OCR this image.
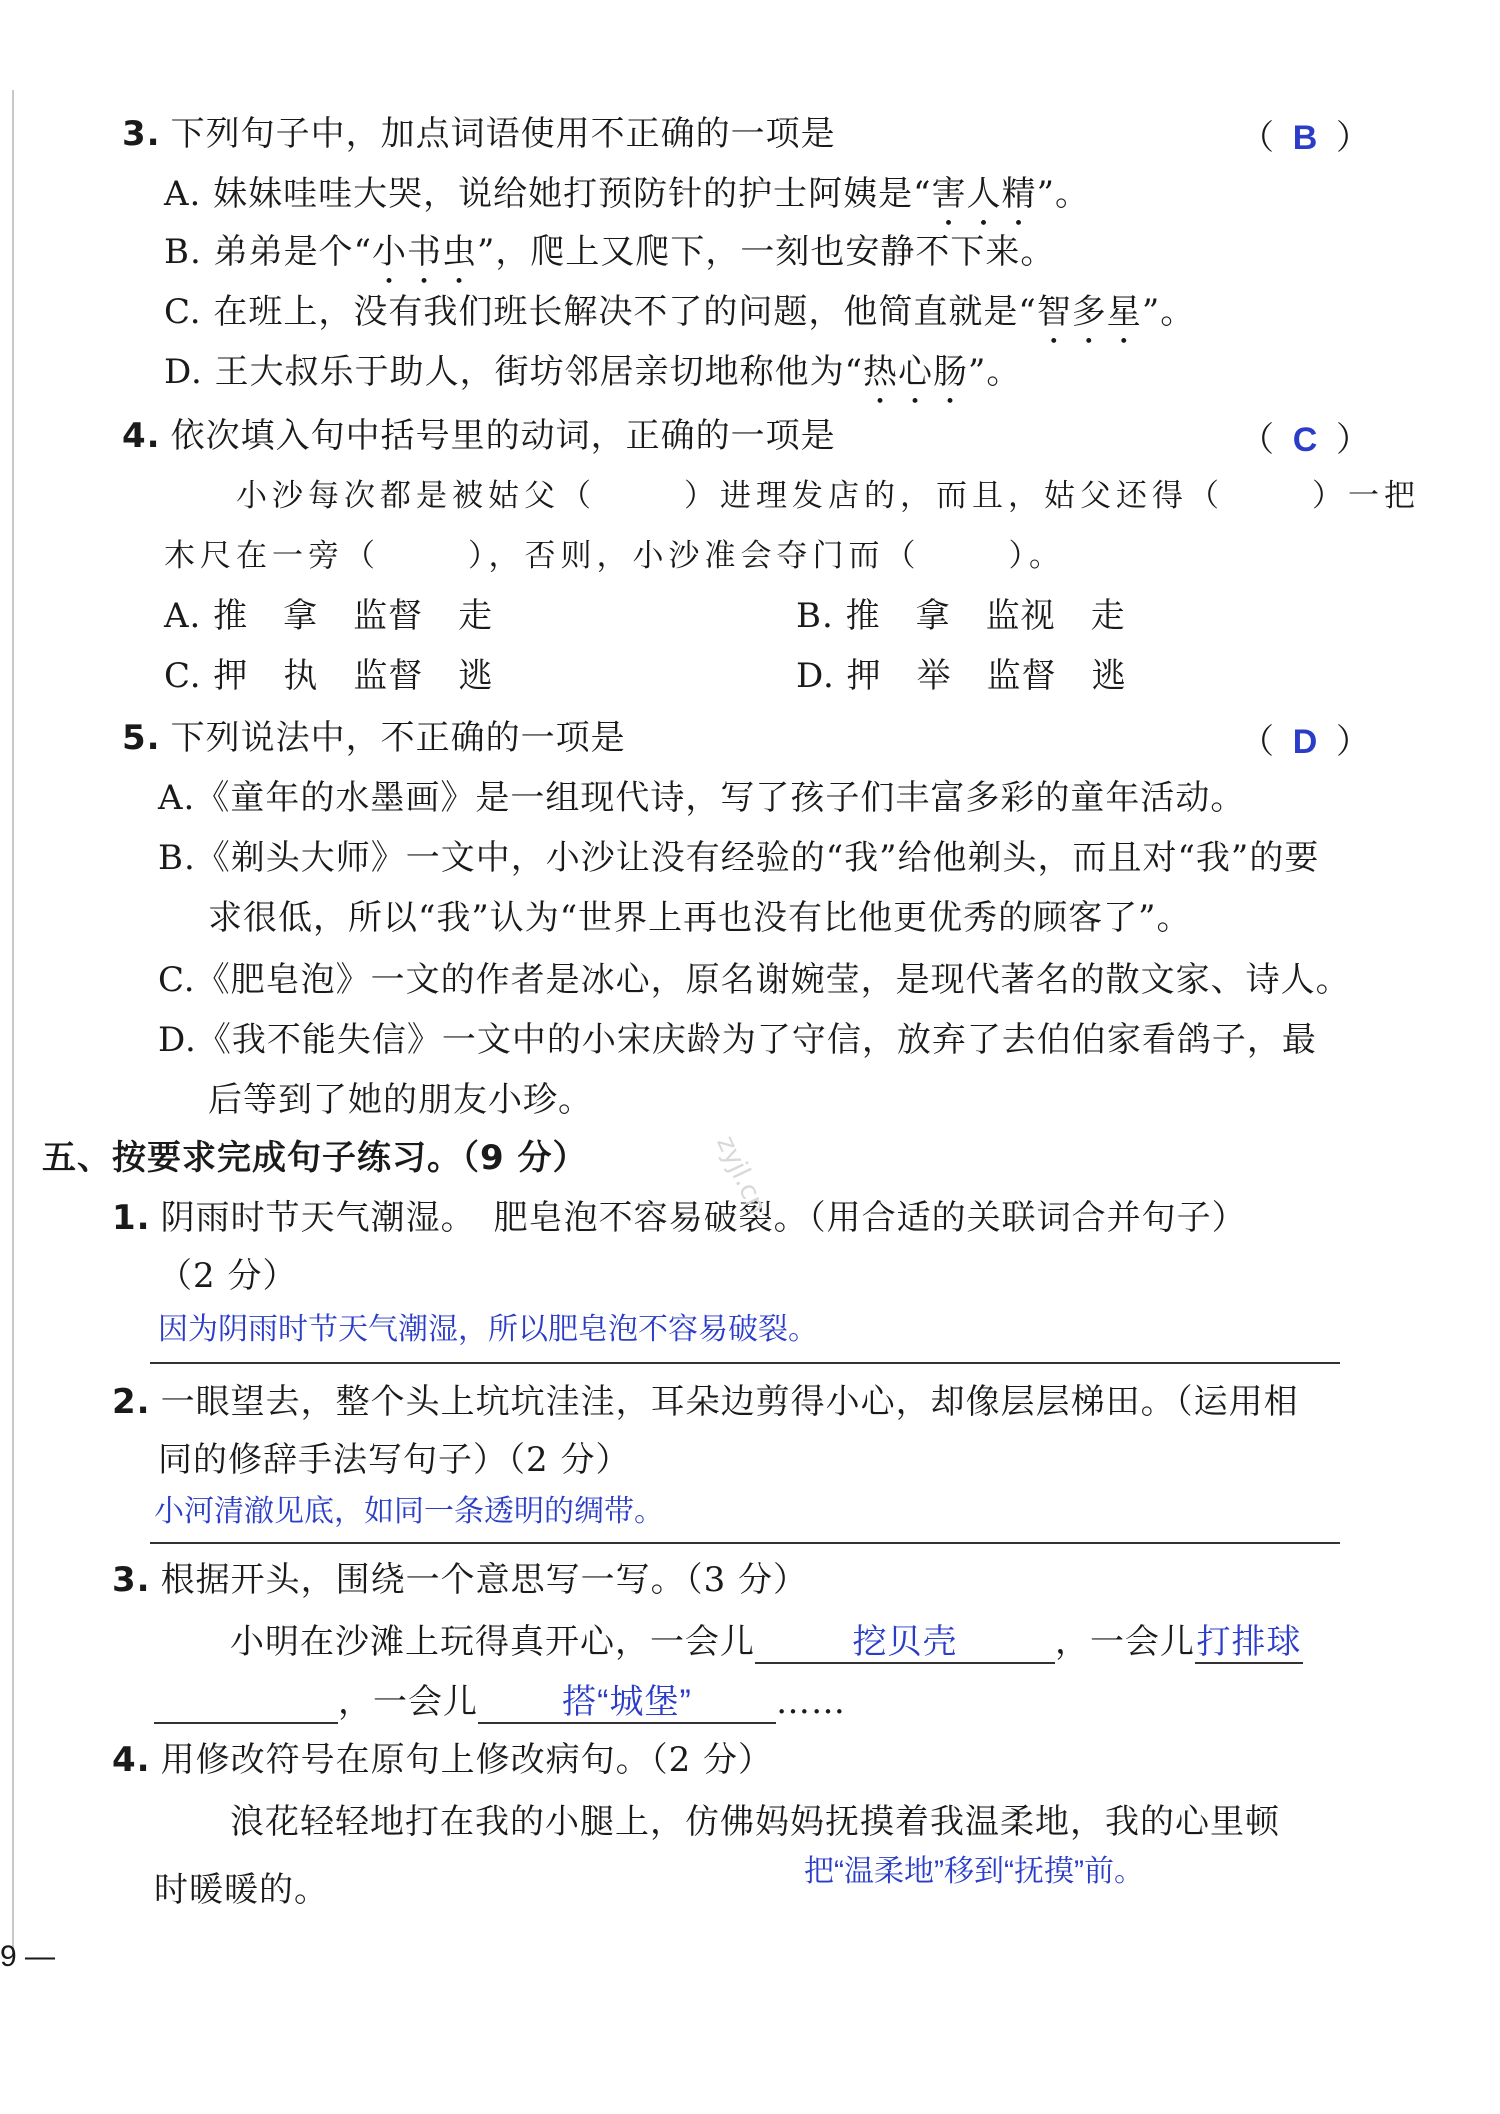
3. 下列句子中，加点词语使用不正确的一项是	（ B ）
A. 妹妹哇哇大哭，说给她打预防针的护士阿姨是“害人精”。
B. 弟弟是个“小书虫”，爬上又爬下，一刻也安静不下来。
C. 在班上，没有我们班长解决不了的问题，他简直就是“智多星”。
D. 王大叔乐于助人，街坊邻居亲切地称他为“热心肠”。
4. 依次填入句中括号里的动词，正确的一项是	（ C ）
小沙每次都是被姑父（	）进理发店的，而且，姑父还得（	）一把
木尺在一旁（	），否则，小沙准会夺门而（	）。
A. 推　拿　监督　走	B. 推　拿　监视　走
C. 押　执　监督　逃	D. 押　举　监督　逃
5. 下列说法中，不正确的一项是	（ D ）
A.《童年的水墨画》是一组现代诗，写了孩子们丰富多彩的童年活动。
B.《剃头大师》一文中，小沙让没有经验的“我”给他剃头，而且对“我”的要
求很低，所以“我”认为“世界上再也没有比他更优秀的顾客了”。
C.《肥皂泡》一文的作者是冰心，原名谢婉莹，是现代著名的散文家、诗人。
D.《我不能失信》一文中的小宋庆龄为了守信，放弃了去伯伯家看鸽子，最
后等到了她的朋友小珍。
五、按要求完成句子练习。（9 分）
1. 阴雨时节天气潮湿。　肥皂泡不容易破裂。（用合适的关联词合并句子）
（2 分）
因为阴雨时节天气潮湿，所以肥皂泡不容易破裂。
2. 一眼望去，整个头上坑坑洼洼，耳朵边剪得小心，却像层层梯田。（运用相
同的修辞手法写句子）（2 分）
小河清澈见底，如同一条透明的绸带。
3. 根据开头，围绕一个意思写一写。（3 分）
小明在沙滩上玩得真开心，一会儿	挖贝壳	，一会儿打排球
，一会儿 搭“城堡” ……
4. 用修改符号在原句上修改病句。（2 分）
浪花轻轻地打在我的小腿上，仿佛妈妈抚摸着我温柔地，我的心里顿
时暖暖的。	把“温柔地”移到“抚摸”前。
zyjl.cn
9 —
